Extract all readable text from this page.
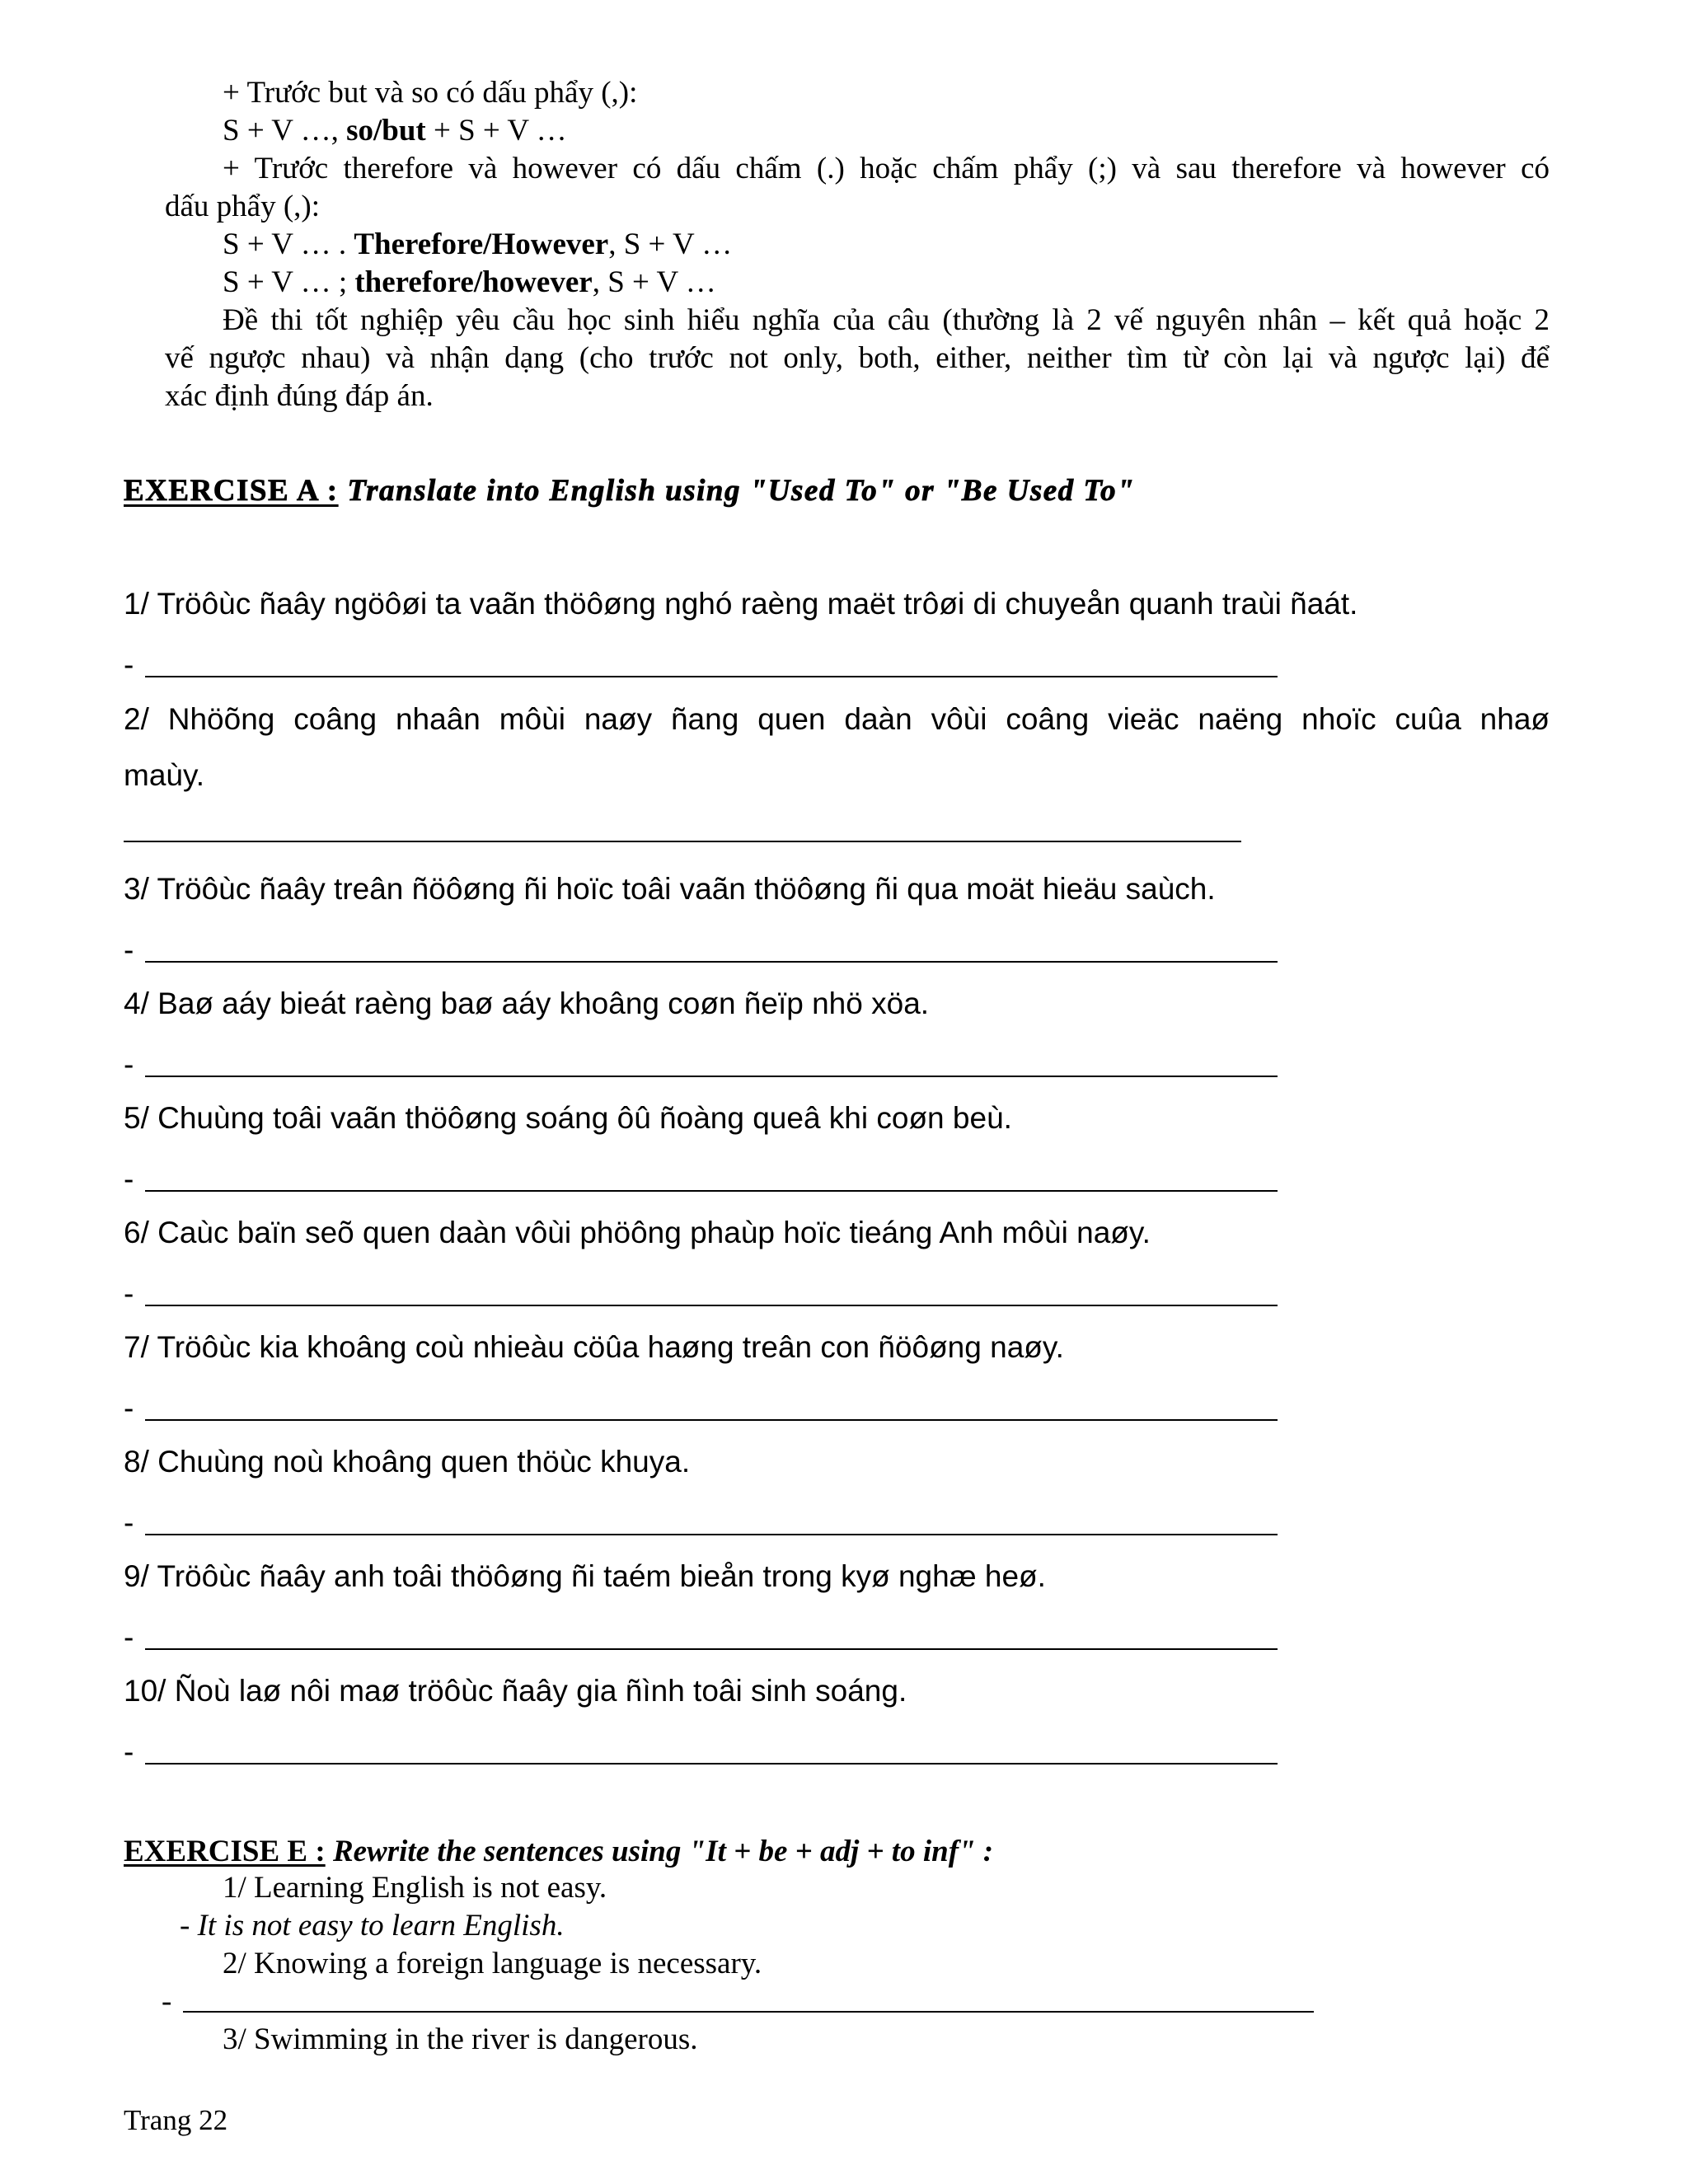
+ Trước but và so có dấu phẩy (,):
S + V …, so/but + S + V …
+ Trước therefore và however có dấu chấm (.) hoặc chấm phẩy (;) và sau therefore và however có
dấu phẩy (,):
S + V … . Therefore/However, S + V …
S + V … ; therefore/however, S + V …
Đề thi tốt nghiệp yêu cầu học sinh hiểu nghĩa của câu (thường là 2 vế nguyên nhân – kết quả hoặc 2
vế ngược nhau) và nhận dạng (cho trước not only, both, either, neither tìm từ còn lại và ngược lại) để
xác định đúng đáp án.
EXERCISE A : Translate into English using "Used To" or "Be Used To"
1/ Tröôùc ñaây ngöôøi ta vaãn thöôøng nghó raèng maët trôøi di chuyeån quanh traùi ñaát.
-
2/ Nhöõng coâng nhaân môùi naøy ñang quen daàn vôùi coâng vieäc naëng nhoïc cuûa nhaø
maùy.
3/ Tröôùc ñaây treân ñöôøng ñi hoïc toâi vaãn thöôøng ñi qua moät hieäu saùch.
-
4/ Baø aáy bieát raèng baø aáy khoâng coøn ñeïp nhö xöa.
-
5/ Chuùng toâi vaãn thöôøng soáng ôû ñoàng queâ khi coøn beù.
-
6/ Caùc baïn seõ quen daàn vôùi phöông phaùp hoïc tieáng Anh môùi naøy.
-
7/ Tröôùc kia khoâng coù nhieàu cöûa haøng treân con ñöôøng naøy.
-
8/ Chuùng noù khoâng quen thöùc khuya.
-
9/ Tröôùc ñaây anh toâi thöôøng ñi taém bieån trong kyø nghæ heø.
-
10/ Ñoù laø nôi maø tröôùc ñaây gia ñình toâi sinh soáng.
-
EXERCISE E : Rewrite the sentences using "It + be + adj + to inf" :
1/ Learning English is not easy.
- It is not easy to learn English.
2/ Knowing a foreign language is necessary.
-
3/ Swimming in the river is dangerous.
Trang 22
